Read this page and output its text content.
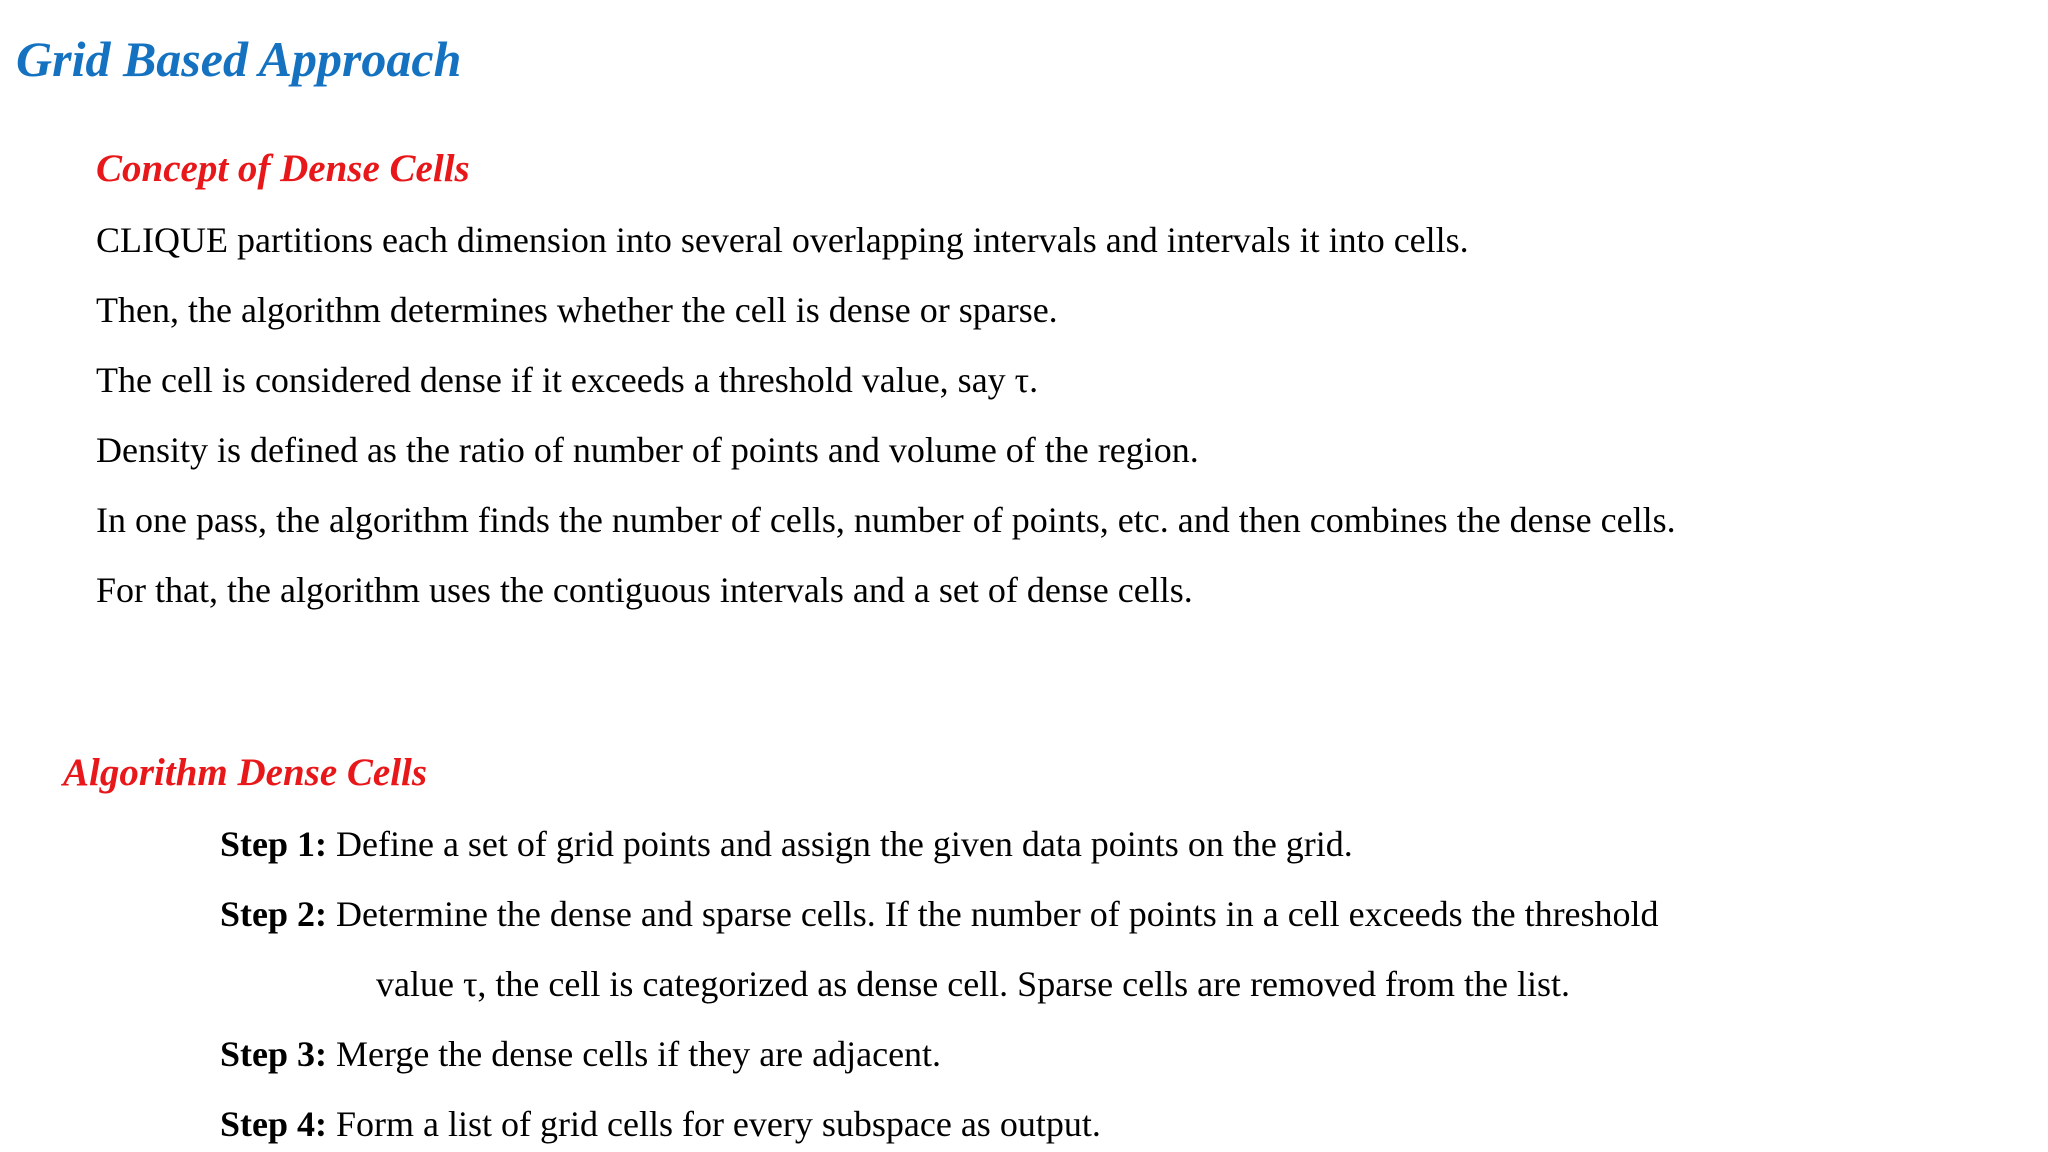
Grid Based Approach
Concept of Dense Cells
CLIQUE partitions each dimension into several overlapping intervals and intervals it into cells.
Then, the algorithm determines whether the cell is dense or sparse.
The cell is considered dense if it exceeds a threshold value, say τ.
Density is defined as the ratio of number of points and volume of the region.
In one pass, the algorithm finds the number of cells, number of points, etc. and then combines the dense cells.
For that, the algorithm uses the contiguous intervals and a set of dense cells.
Algorithm Dense Cells
Step 1: Define a set of grid points and assign the given data points on the grid.
Step 2: Determine the dense and sparse cells. If the number of points in a cell exceeds the threshold
value τ, the cell is categorized as dense cell. Sparse cells are removed from the list.
Step 3: Merge the dense cells if they are adjacent.
Step 4: Form a list of grid cells for every subspace as output.
